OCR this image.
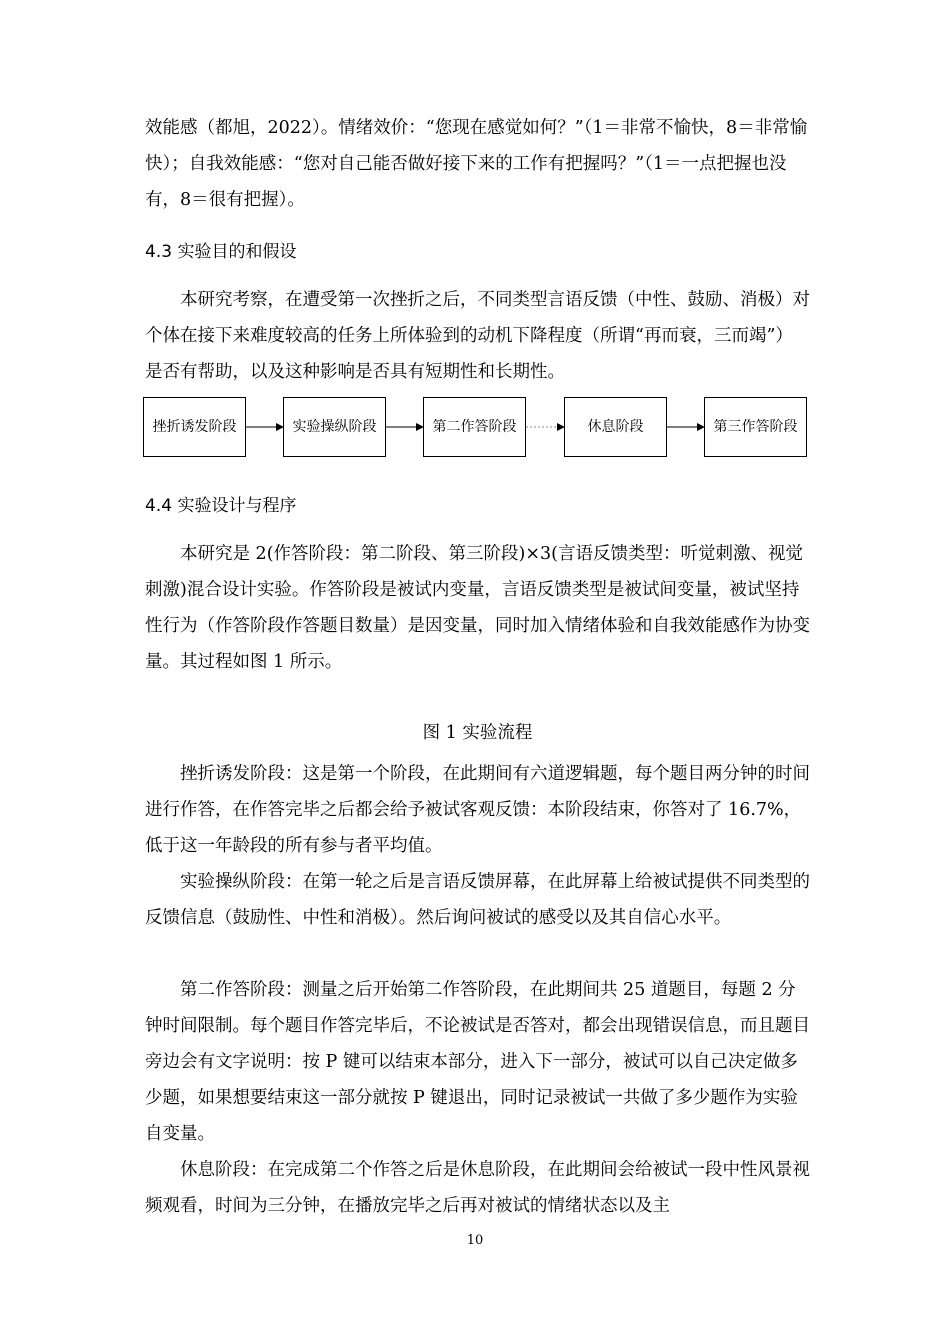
效能感（都旭，2022）。情绪效价：“您现在感觉如何？”（1＝非常不愉快，8＝非常愉快）；自我效能感：“您对自己能否做好接下来的工作有把握吗？”（1＝一点把握也没有，8＝很有把握）。
4.3 实验目的和假设
本研究考察，在遭受第一次挫折之后，不同类型言语反馈（中性、鼓励、消极）对个体在接下来难度较高的任务上所体验到的动机下降程度（所谓“再而衰，三而竭”）是否有帮助，以及这种影响是否具有短期性和长期性。
挫折诱发阶段	实验操纵阶段	第二作答阶段	休息阶段	第三作答阶段
4.4 实验设计与程序
本研究是 2(作答阶段：第二阶段、第三阶段)×3(言语反馈类型：听觉刺激、视觉刺激)混合设计实验。作答阶段是被试内变量，言语反馈类型是被试间变量，被试坚持性行为（作答阶段作答题目数量）是因变量，同时加入情绪体验和自我效能感作为协变量。其过程如图 1 所示。
图 1 实验流程
挫折诱发阶段：这是第一个阶段，在此期间有六道逻辑题，每个题目两分钟的时间进行作答，在作答完毕之后都会给予被试客观反馈：本阶段结束，你答对了 16.7%，低于这一年龄段的所有参与者平均值。
实验操纵阶段：在第一轮之后是言语反馈屏幕，在此屏幕上给被试提供不同类型的反馈信息（鼓励性、中性和消极）。然后询问被试的感受以及其自信心水平。
第二作答阶段：测量之后开始第二作答阶段，在此期间共 25 道题目，每题 2 分钟时间限制。每个题目作答完毕后，不论被试是否答对，都会出现错误信息，而且题目旁边会有文字说明：按 P 键可以结束本部分，进入下一部分，被试可以自己决定做多少题，如果想要结束这一部分就按 P 键退出，同时记录被试一共做了多少题作为实验自变量。
休息阶段：在完成第二个作答之后是休息阶段，在此期间会给被试一段中性风景视频观看，时间为三分钟，在播放完毕之后再对被试的情绪状态以及主
10
